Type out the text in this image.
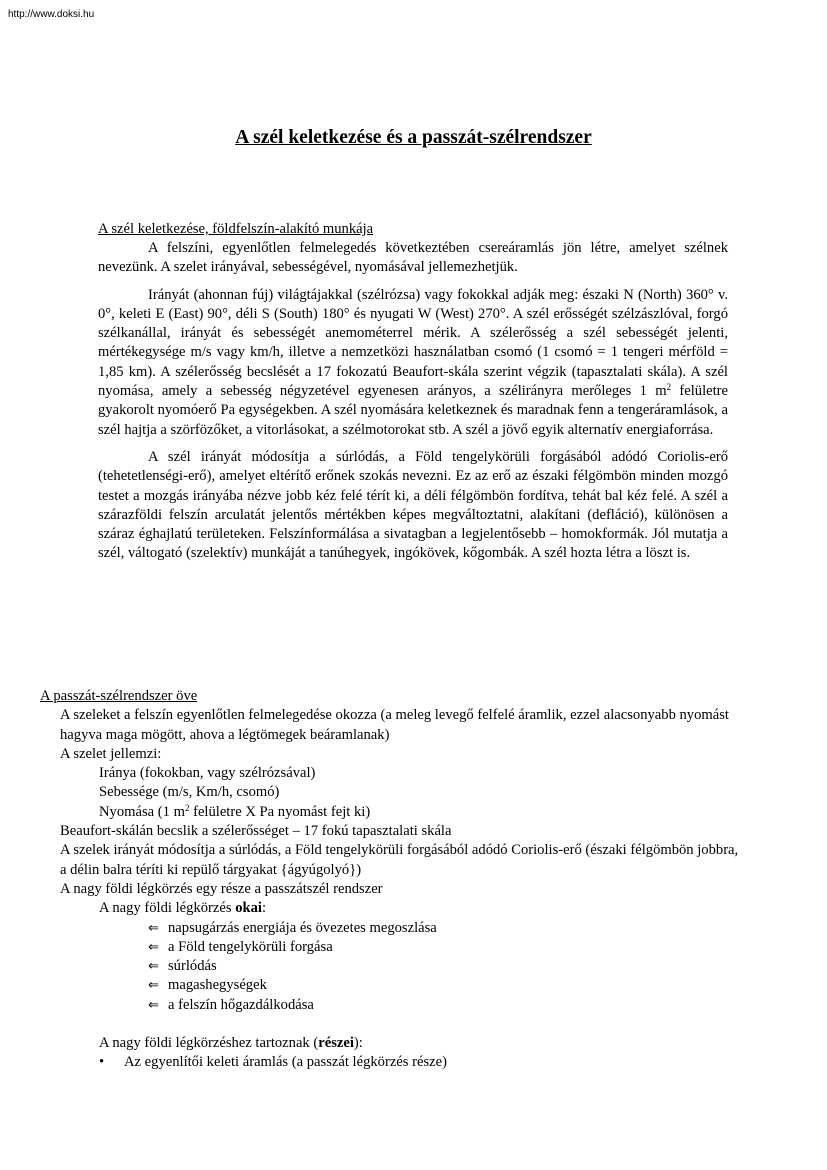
http://www.doksi.hu
A szél keletkezése és a passzát-szélrendszer
A szél keletkezése, földfelszín-alakító munkája

A felszíni, egyenlőtlen felmelegedés következtében csereáramlás jön létre, amelyet szélnek nevezünk. A szelet irányával, sebességével, nyomásával jellemezhetjük.

Irányát (ahonnan fúj) világtájakkal (szélrózsa) vagy fokokkal adják meg: északi N (North) 360° v. 0°, keleti E (East) 90°, déli S (South) 180° és nyugati W (West) 270°. A szél erősségét szélzászlóval, forgó szélkanállal, irányát és sebességét anemométerrel mérik. A szélerősség a szél sebességét jelenti, mértékegysége m/s vagy km/h, illetve a nemzetközi használatban csomó (1 csomó = 1 tengeri mérföld = 1,85 km). A szélerősség becslését a 17 fokozatú Beaufort-skála szerint végzik (tapasztalati skála). A szél nyomása, amely a sebesség négyzetével egyenesen arányos, a szélirányra merőleges 1 $m^2$ felületre gyakorolt nyomóerő Pa egységekben. A szél nyomására keletkeznek és maradnak fenn a tengeráramlások, a szél hajtja a szörfözőket, a vitorlásokat, a szélmotorokat stb. A szél a jövő egyik alternatív energiaforrása.

A szél irányát módosítja a súrlódás, a Föld tengelykörüli forgásából adódó Coriolis-erő (tehetetlenségi-erő), amelyet eltérítő erőnek szokás nevezni. Ez az erő az északi félgömbön minden mozgó testet a mozgás irányába nézve jobb kéz felé térít ki, a déli félgömbön fordítva, tehát bal kéz felé. A szél a szárazföldi felszín arculatát jelentős mértékben képes megváltoztatni, alakítani (defláció), különösen a száraz éghajlatú területeken. Felszínformálása a sivatagban a legjelentősebb – homokformák. Jól mutatja a szél, váltogató (szelektív) munkáját a tanúhegyek, ingókövek, kőgombák. A szél hozta létra a löszt is.

A passzát-szélrendszer öve
A szeleket a felszín egyenlőtlen felmelegedése okozza (a meleg levegő felfelé áramlik, ezzel alacsonyabb nyomást hagyva maga mögött, ahova a légtömegek beáramlanak)
A szelet jellemzi:
Iránya (fokokban, vagy szélrózsával)
Sebessége (m/s, Km/h, csomó)
Nyomása (1 $m^2$ felületre X Pa nyomást fejt ki)
Beaufort-skálán becslik a szélerősséget – 17 fokú tapasztalati skála
A szelek irányát módosítja a súrlódás, a Föld tengelykörüli forgásából adódó Coriolis-erő (északi félgömbön jobbra, a délin balra téríti ki repülő tárgyakat {ágyúgolyó})
A nagy földi légkörzés egy része a passzátszél rendszer
A nagy földi légkörzés okai:
⇐ napsugárzás energiája és övezetes megoszlása
⇐ a Föld tengelykörüli forgása
⇐ súrlódás
⇐ magashegységek
⇐ a felszín hőgazdálkodása
A nagy földi légkörzéshez tartoznak (részei):
• Az egyenlítői keleti áramlás (a passzát légkörzés része)
